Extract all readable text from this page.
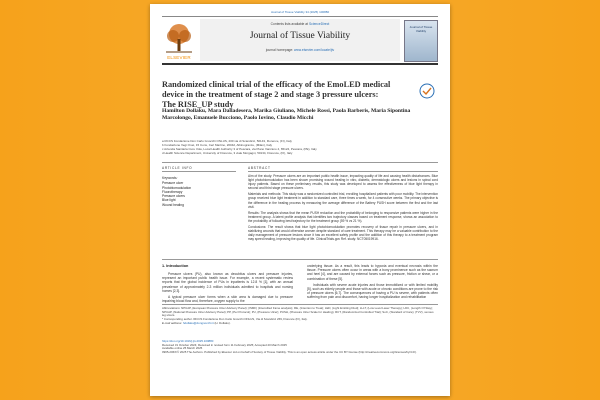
Journal of Tissue Viability 34 (2025) 100880
ELSEVIER
Contents lists available at ScienceDirect
Journal of Tissue Viability
journal homepage: www.elsevier.com/locate/jtv
Journal of Tissue Viability
Randomized clinical trial of the efficacy of the EmoLED medical device in the treatment of stage 2 and stage 3 pressure ulcers: The RISE_UP study
Hamilton Dollaku, Mara Dalladesera, Marika Giuliano, Michele Rossi, Paola Barberis, Maria Sipontina Marcolongo, Emanuele Bucciono, Paolo Iovino, Claudio Micchi
a RCCS Fondazione Don Carlo Gnocchi ONLUS, 200 via di Scandicci, 50143, Florence, (FI), Italy
b Fondazione Vegi Onet, 15 Cons, Ceri Martino, 20042, Albinogranze, (Milan), Italy
c Azienda Sanitaria Cure Vola, Local Health Authority 3 of Pescara, via Piano Vanzano 4, 65124, Pescara, (PE), Italy
d Health Science Department, University of Florence, 3 viale Morgagni, 50134, Florence, (FI), Italy
ARTICLE INFO	ABSTRACT
Keywords:
Pressure ulcer
Photobiomodulation
Fluorotherapy
Pressure ulcers
Blue light
Wound healing

Aim of the study: Pressure ulcers are an important public health issue, impacting quality of life and causing health disturbances. Blue light photobiomodulation has been shown promising wound healing in vitro, diabetic, dermatologic ulcers and lesions in spinal cord injury patients. Based on these preliminary results, this study was developed to assess the effectiveness of blue light therapy in second and third stage pressure ulcers.

Materials and methods: This study was a randomized controlled trial, enrolling hospitalized patients with poor mobility. The intervention group received blue light treatment in addition to standard care, three times a week, for 4 consecutive weeks. The primary objective is the difference in the healing process by measuring the average difference of the Battery PUSH score between the first and the last visit.

Results: The analysis shows that the mean PUSH reduction and the probability of belonging to responsive patients were higher in the treatment group. A latent profile analysis that identifies two trajectory classes based on treatment response, shows an association to the probability of following best trajectory for the treatment group (59 % vs 21 %).

Conclusions: The result shows that blue light photobiomodulation promotes recovery of tissue repair in pressure ulcers, and in stabilizing wounds that would otherwise worsen despite standard of care treatment. This therapy may be a valuable contribution to the daily management of pressure lesions since it has an excellent safety profile and the addition of this therapy to a treatment program may speed healing, improving the quality of life. ClinicalTrials.gov Ref. study: NCT05019916.

1. Introduction

Pressure ulcers (PU), also known as decubitus ulcers and pressure injuries, represent an important public health issue. For example, a recent systematic review reports that the global incidence of PUs in inpatients is 12.8 % [1], with an annual prevalence of approximately 2-3 million individuals admitted to hospitals and nursing homes [2,3].

A typical pressure ulcer forms when a skin area is damaged due to pressure impairing blood flow and, therefore, oxygen supply to the

underlying tissue. As a result, this leads to hypoxia and eventual necrosis within the tissue. Pressure ulcers often occur in areas with a bony prominence such as the sacrum and heel [4], and are caused by external forces such as pressure, friction or shear, or a combination of these [5].

Individuals with severe acute injuries and those immobilized or with limited mobility [5], such as elderly people and those with acute or chronic conditions are prone to the risk of pressure ulcers [6,7]. The consequences of having a PU is severe, with patients often suffering from pain and discomfort, having longer hospitalization and rehabilitation

Abbreviations: NPUAP, (European Pressure Ulcer Advisory Panel); (ISMF) (Intensified frame analysis); RE, (Intention to Treat); LED, (Light Emitting Diod); LLLT, (Low Level Laser Therapy); LDC, (Longth Of Stay); NPUAP, (National Pressure Ulcer Advisory Panel); PP, (Per Protocol); PU, (Pressure Ulcer); PUSH, (Pressure Ulcer Scale for Healing); RCT, (Randomized Controlled Trial); SoC, (Standard of Care); (TVV), venous leg ulcers.
* Corresponding author. IRCCS Fondazione Don Carlo Gnocchi ONLUS, Via di Scandicci 269, Florence (FI), Italy.
E-mail address: hdollaku@dongnocchi.it (H. Dollaku).
https://doi.org/10.1016/j.jtv.2025.100880
Received 31 October 2024; Received in revised form 11 February 2025; Accepted 20 March 2025
Available online 25 March 2025
0965-206X/© 2025 The Authors. Published by Elsevier Ltd on behalf of Society of Tissue Viability. This is an open access article under the CC BY license (http://creativecommons.org/licenses/by/4.0/).
